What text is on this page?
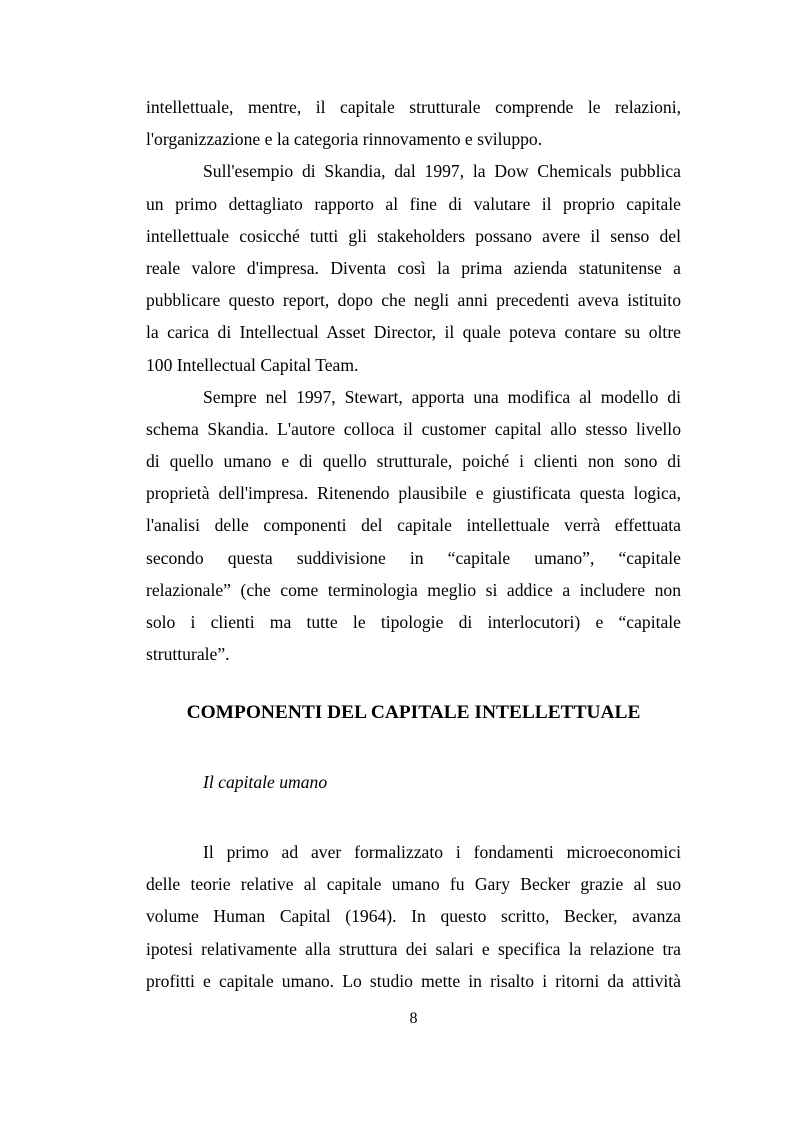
intellettuale, mentre, il capitale strutturale comprende le relazioni,
l'organizzazione e la categoria rinnovamento e sviluppo.
Sull'esempio di Skandia, dal 1997, la Dow Chemicals pubblica
un primo dettagliato rapporto al fine di valutare il proprio capitale
intellettuale cosicché tutti gli stakeholders possano avere il senso del
reale valore d'impresa. Diventa così la prima azienda statunitense a
pubblicare questo report, dopo che negli anni precedenti aveva istituito
la carica di Intellectual Asset Director, il quale poteva contare su oltre
100 Intellectual Capital Team.
Sempre nel 1997, Stewart, apporta una modifica al modello di
schema Skandia. L'autore colloca il customer capital allo stesso livello
di quello umano e di quello strutturale, poiché i clienti non sono di
proprietà dell'impresa. Ritenendo plausibile e giustificata questa logica,
l'analisi delle componenti del capitale intellettuale verrà effettuata
secondo questa suddivisione in “capitale umano”, “capitale
relazionale” (che come terminologia meglio si addice a includere non
solo i clienti ma tutte le tipologie di interlocutori) e “capitale
strutturale”.
COMPONENTI DEL CAPITALE INTELLETTUALE
Il capitale umano
Il primo ad aver formalizzato i fondamenti microeconomici
delle teorie relative al capitale umano fu Gary Becker grazie al suo
volume Human Capital (1964). In questo scritto, Becker, avanza
ipotesi relativamente alla struttura dei salari e specifica la relazione tra
profitti e capitale umano. Lo studio mette in risalto i ritorni da attività
8
